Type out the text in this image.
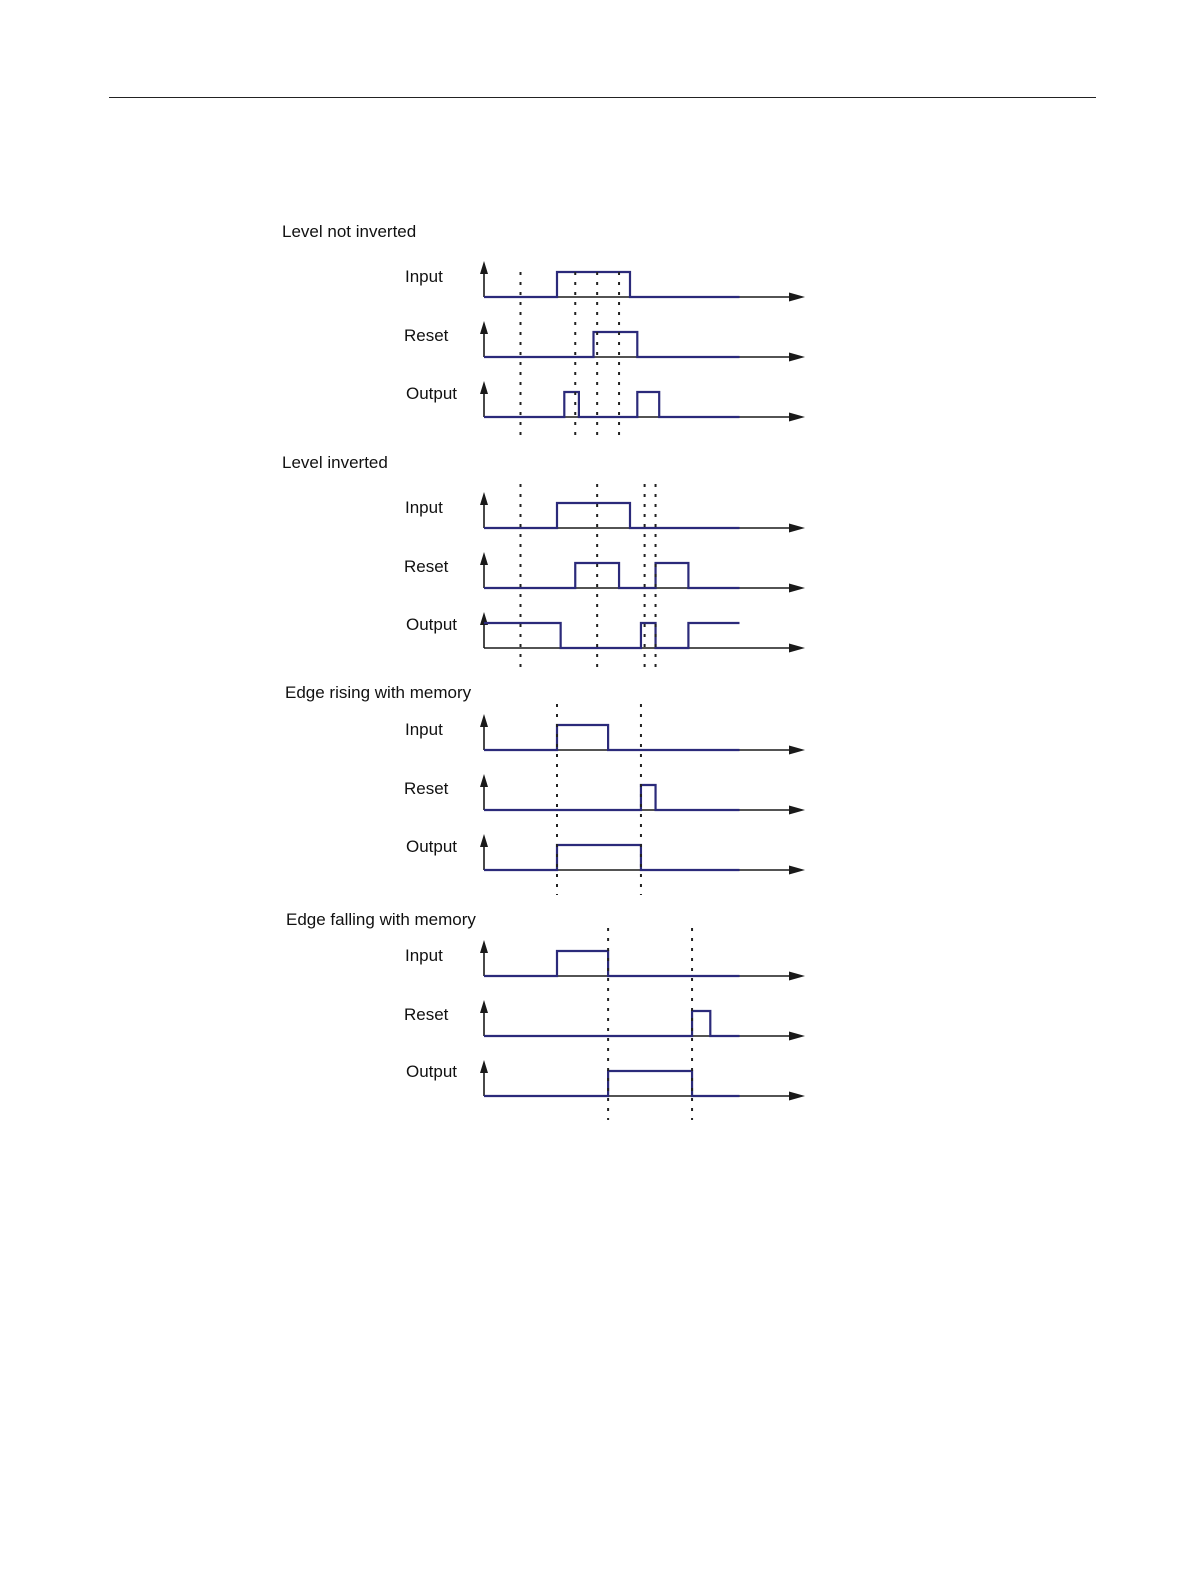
Level not inverted
Input
Reset
Output
Level inverted
Input
Reset
Output
Edge rising with memory
Input
Reset
Output
Edge falling with memory
Input
Reset
Output
